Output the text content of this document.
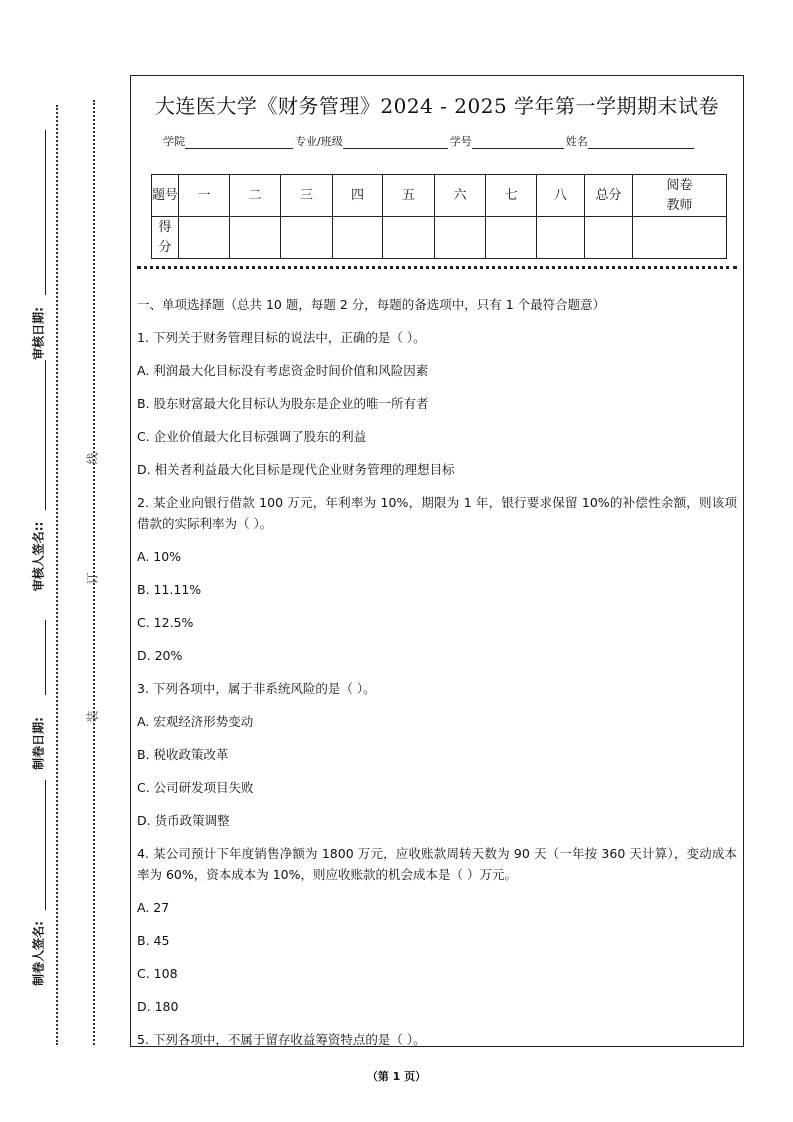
审核日期:
审核人签名::
制卷日期:
制卷人签名:
线
订
装
大连医大学《财务管理》2024 - 2025 学年第一学期期末试卷
学院	专业/班级	学号	姓名
题号	一	二	三	四	五	六	七	八	总分	阅卷教师
得分										

一、单项选择题（总共 10 题，每题 2 分，每题的备选项中，只有 1 个最符合题意）

1. 下列关于财务管理目标的说法中，正确的是（ ）。

A. 利润最大化目标没有考虑资金时间价值和风险因素

B. 股东财富最大化目标认为股东是企业的唯一所有者

C. 企业价值最大化目标强调了股东的利益

D. 相关者利益最大化目标是现代企业财务管理的理想目标

2. 某企业向银行借款 100 万元，年利率为 10%，期限为 1 年，银行要求保留 10%的补偿性余额，则该项借款的实际利率为（ ）。

A. 10%

B. 11.11%

C. 12.5%

D. 20%

3. 下列各项中，属于非系统风险的是（ ）。

A. 宏观经济形势变动

B. 税收政策改革

C. 公司研发项目失败

D. 货币政策调整

4. 某公司预计下年度销售净额为 1800 万元，应收账款周转天数为 90 天（一年按 360 天计算），变动成本率为 60%，资本成本为 10%，则应收账款的机会成本是（ ）万元。

A. 27

B. 45

C. 108

D. 180

5. 下列各项中，不属于留存收益筹资特点的是（ ）。

（第 1 页）
